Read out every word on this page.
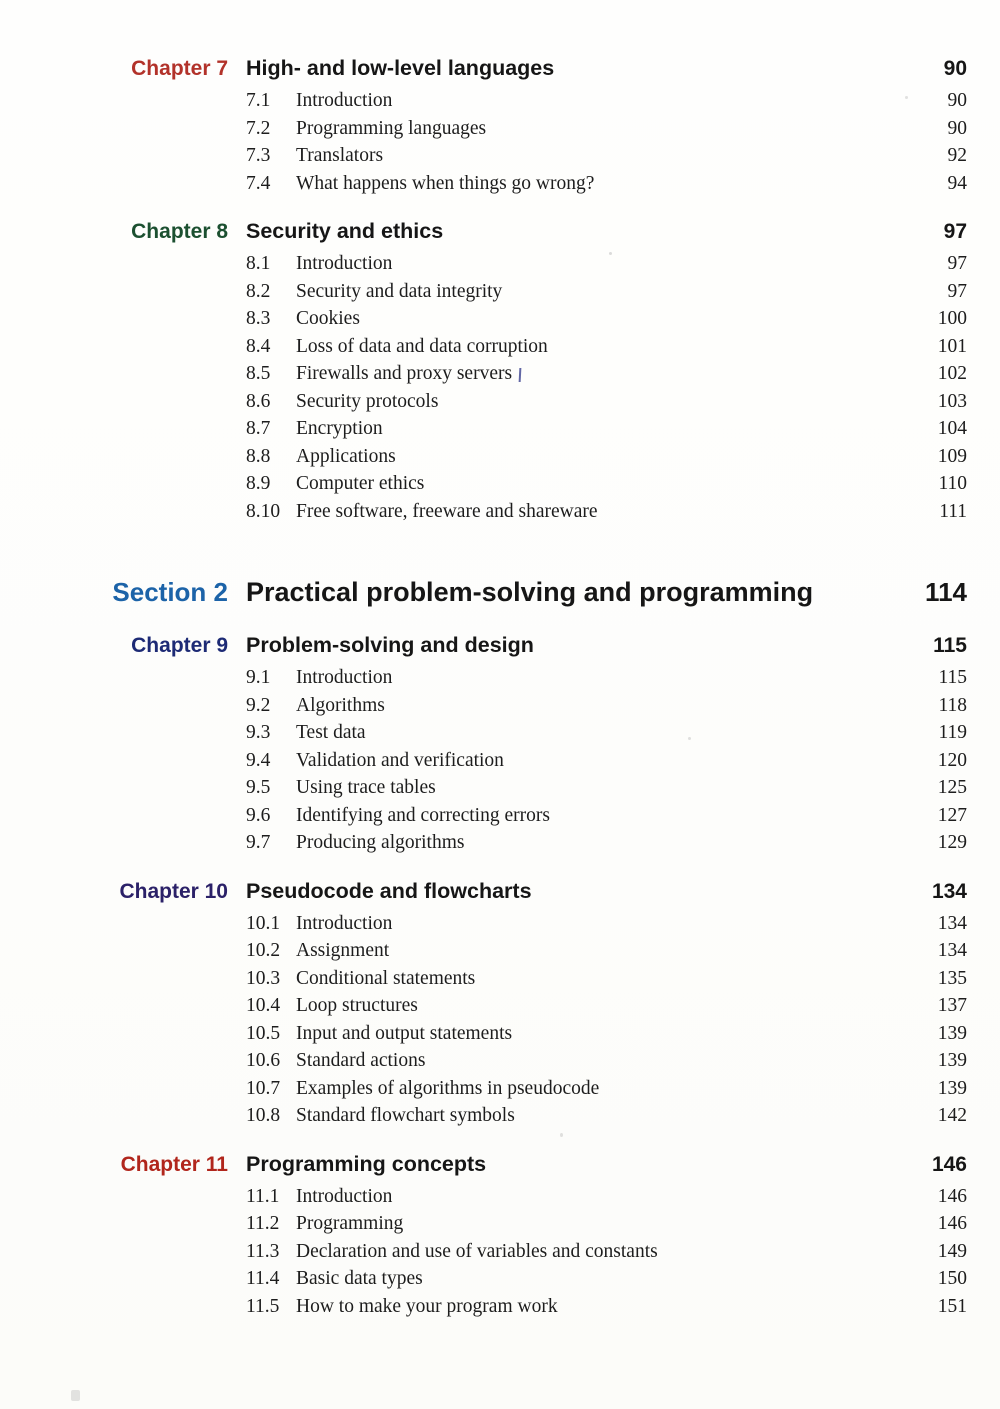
Chapter 7 High- and low-level languages	90
7.1 Introduction	90
7.2 Programming languages	90
7.3 Translators	92
7.4 What happens when things go wrong?	94
Chapter 8 Security and ethics	97
8.1 Introduction	97
8.2 Security and data integrity	97
8.3 Cookies	100
8.4 Loss of data and data corruption	101
8.5 Firewalls and proxy servers	102
8.6 Security protocols	103
8.7 Encryption	104
8.8 Applications	109
8.9 Computer ethics	110
8.10 Free software, freeware and shareware	111
Section 2 Practical problem-solving and programming	114
Chapter 9 Problem-solving and design	115
9.1 Introduction	115
9.2 Algorithms	118
9.3 Test data	119
9.4 Validation and verification	120
9.5 Using trace tables	125
9.6 Identifying and correcting errors	127
9.7 Producing algorithms	129
Chapter 10 Pseudocode and flowcharts	134
10.1 Introduction	134
10.2 Assignment	134
10.3 Conditional statements	135
10.4 Loop structures	137
10.5 Input and output statements	139
10.6 Standard actions	139
10.7 Examples of algorithms in pseudocode	139
10.8 Standard flowchart symbols	142
Chapter 11 Programming concepts	146
11.1 Introduction	146
11.2 Programming	146
11.3 Declaration and use of variables and constants	149
11.4 Basic data types	150
11.5 How to make your program work	151
